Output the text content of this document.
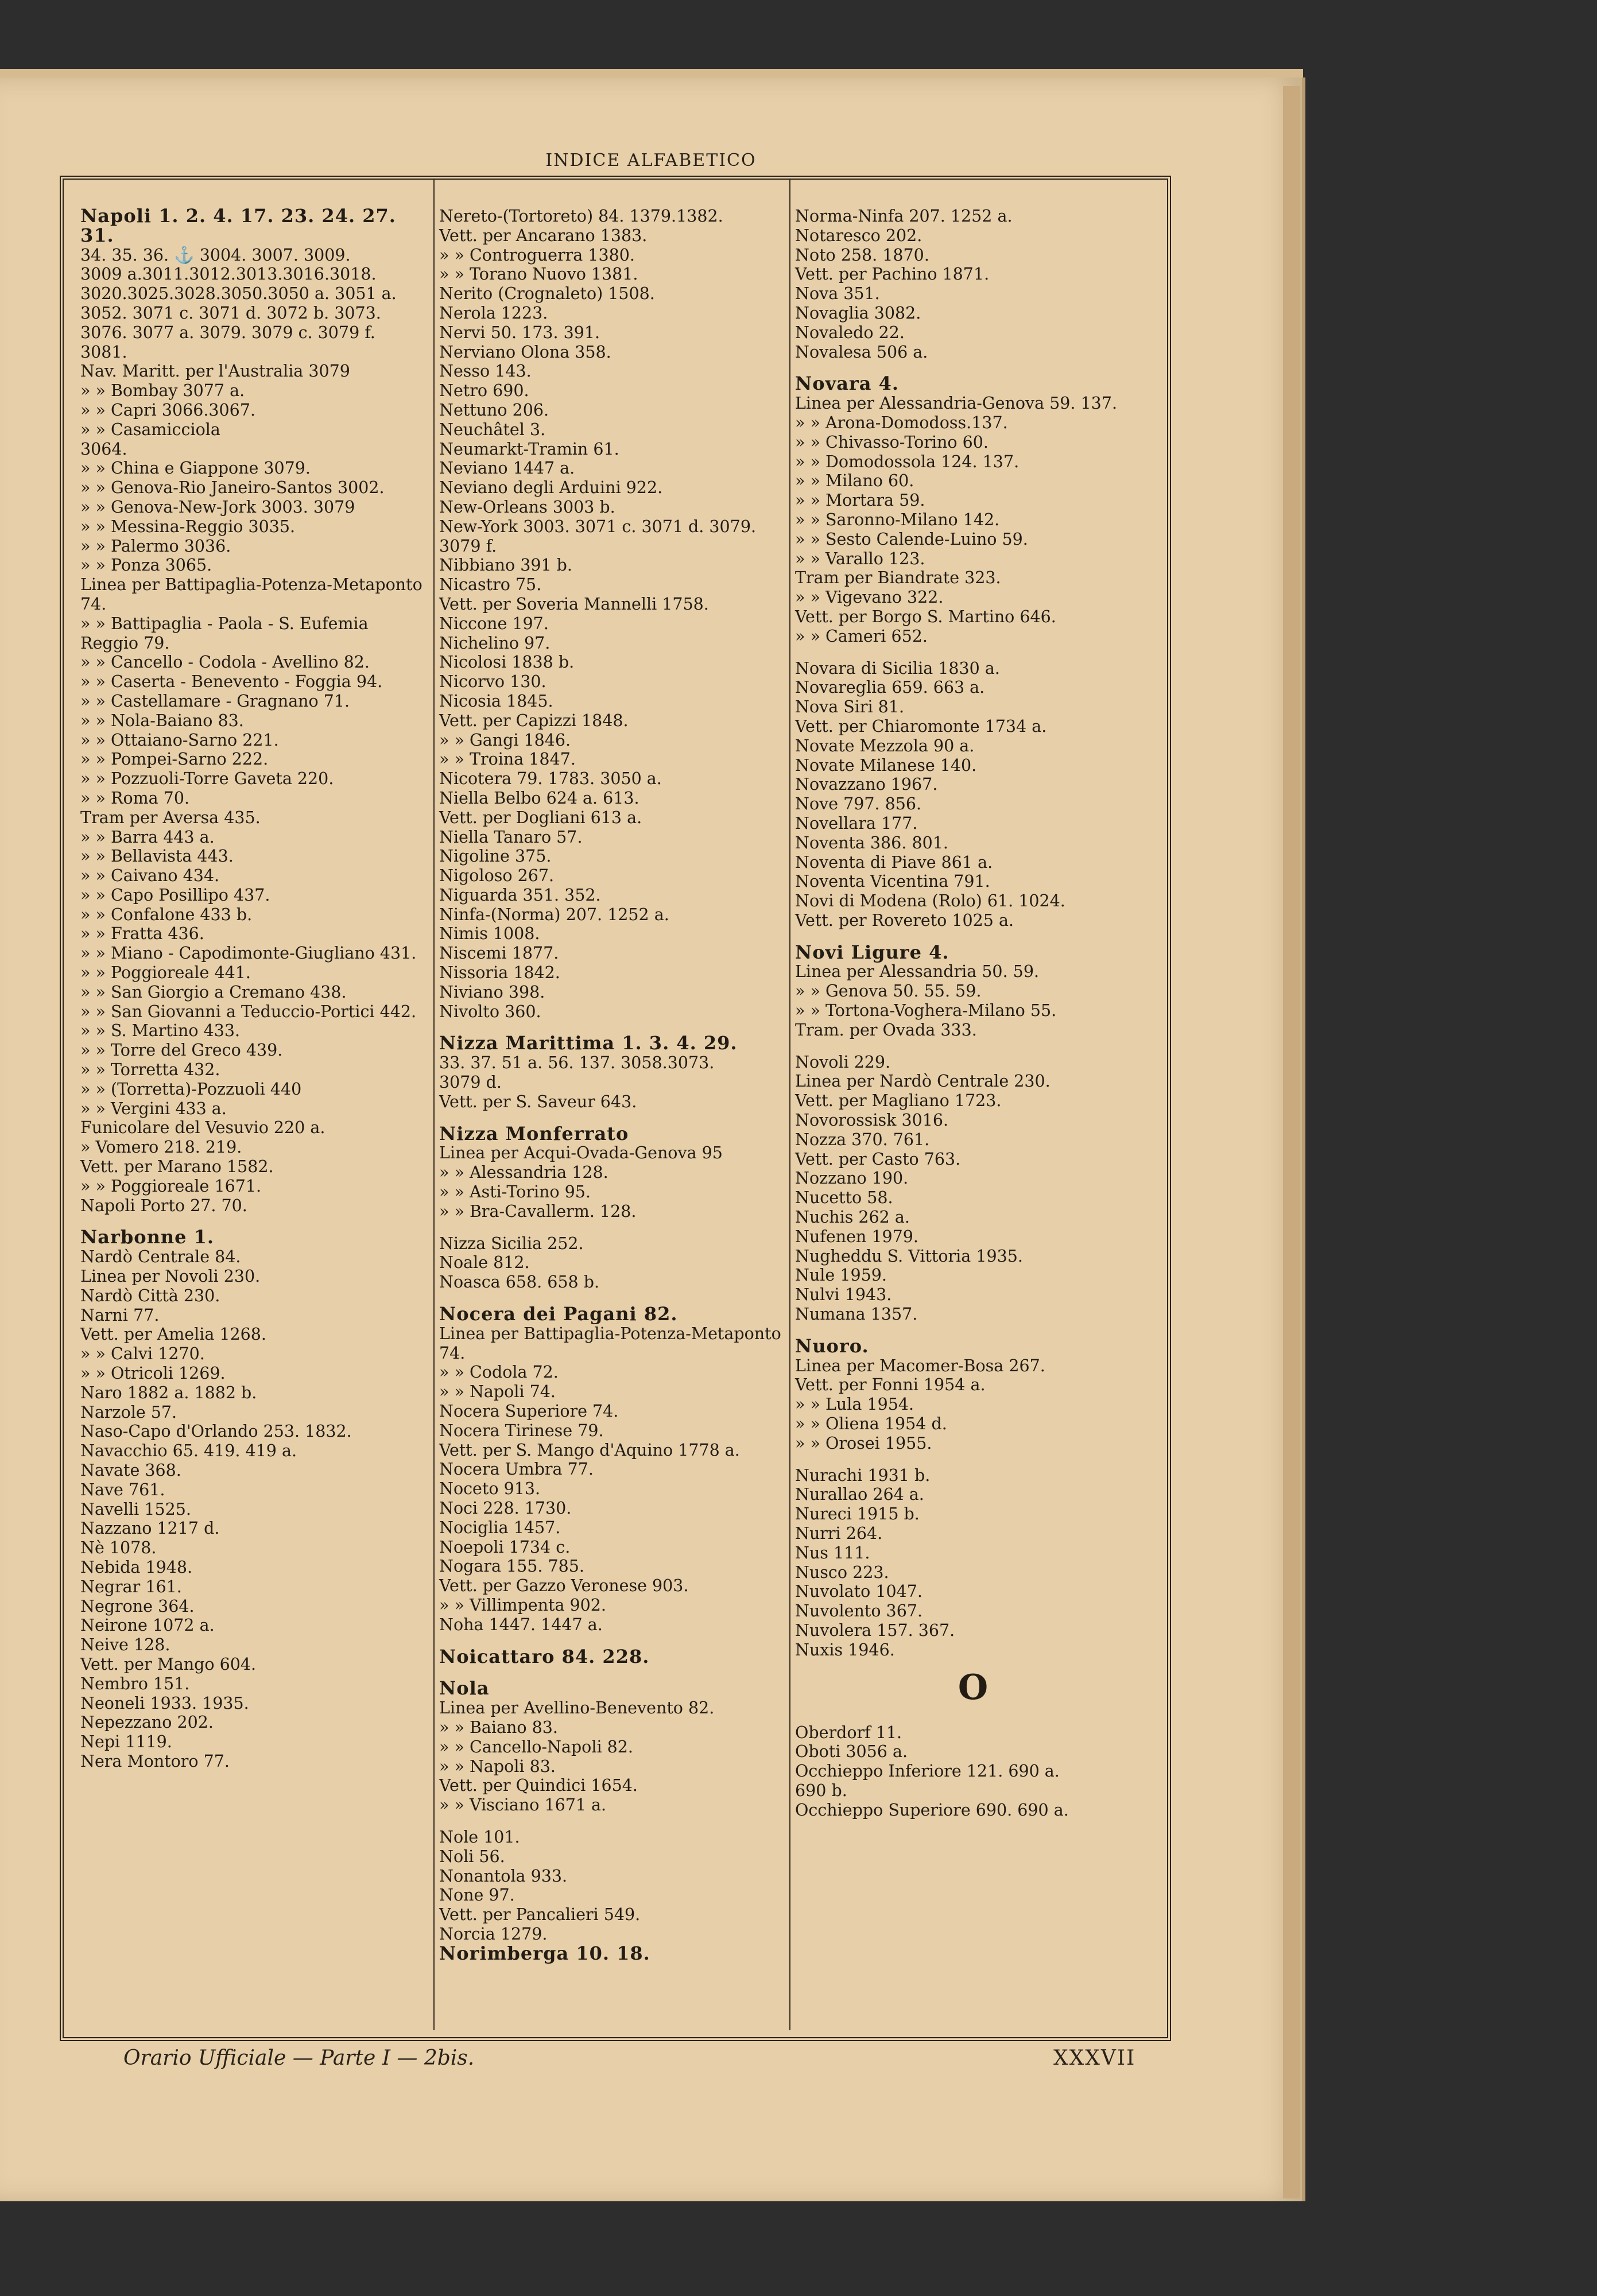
INDICE ALFABETICO
Napoli 1. 2. 4. 17. 23. 24. 27. 31.
34. 35. 36. ⚓ 3004. 3007. 3009.
3009 a.3011.3012.3013.3016.3018.
3020.3025.3028.3050.3050 a. 3051 a.
3052. 3071 c. 3071 d. 3072 b. 3073.
3076. 3077 a. 3079. 3079 c. 3079 f.
3081.
Nav. Maritt. per l'Australia 3079
» » Bombay 3077 a.
» » Capri 3066.3067.
» » Casamicciola
3064.
» » China e Giappone 3079.
» » Genova-Rio Janeiro-Santos 3002.
» » Genova-New-Jork 3003. 3079
» » Messina-Reggio 3035.
» » Palermo 3036.
» » Ponza 3065.
Linea per Battipaglia-Potenza-Metaponto 74.
» » Battipaglia - Paola - S. Eufemia Reggio 79.
» » Cancello - Codola - Avellino 82.
» » Caserta - Benevento - Foggia 94.
» » Castellamare - Gragnano 71.
» » Nola-Baiano 83.
» » Ottaiano-Sarno 221.
» » Pompei-Sarno 222.
» » Pozzuoli-Torre Gaveta 220.
» » Roma 70.
Tram per Aversa 435.
» » Barra 443 a.
» » Bellavista 443.
» » Caivano 434.
» » Capo Posillipo 437.
» » Confalone 433 b.
» » Fratta 436.
» » Miano - Capodimonte-Giugliano 431.
» » Poggioreale 441.
» » San Giorgio a Cremano 438.
» » San Giovanni a Teduccio-Portici 442.
» » S. Martino 433.
» » Torre del Greco 439.
» » Torretta 432.
» » (Torretta)-Pozzuoli 440
» » Vergini 433 a.
Funicolare del Vesuvio 220 a.
» Vomero 218. 219.
Vett. per Marano 1582.
» » Poggioreale 1671.
Napoli Porto 27. 70.
Narbonne 1.
Nardò Centrale 84.
Linea per Novoli 230.
Nardò Città 230.
Narni 77.
Vett. per Amelia 1268.
» » Calvi 1270.
» » Otricoli 1269.
Naro 1882 a. 1882 b.
Narzole 57.
Naso-Capo d'Orlando 253. 1832.
Navacchio 65. 419. 419 a.
Navate 368.
Nave 761.
Navelli 1525.
Nazzano 1217 d.
Nè 1078.
Nebida 1948.
Negrar 161.
Negrone 364.
Neirone 1072 a.
Neive 128.
Vett. per Mango 604.
Nembro 151.
Neoneli 1933. 1935.
Nepezzano 202.
Nepi 1119.
Nera Montoro 77.
Nereto-(Tortoreto) 84. 1379.1382.
Vett. per Ancarano 1383.
» » Controguerra 1380.
» » Torano Nuovo 1381.
Nerito (Crognaleto) 1508.
Nerola 1223.
Nervi 50. 173. 391.
Nerviano Olona 358.
Nesso 143.
Netro 690.
Nettuno 206.
Neuchâtel 3.
Neumarkt-Tramin 61.
Neviano 1447 a.
Neviano degli Arduini 922.
New-Orleans 3003 b.
New-York 3003. 3071 c. 3071 d. 3079. 3079 f.
Nibbiano 391 b.
Nicastro 75.
Vett. per Soveria Mannelli 1758.
Niccone 197.
Nichelino 97.
Nicolosi 1838 b.
Nicorvo 130.
Nicosia 1845.
Vett. per Capizzi 1848.
» » Gangi 1846.
» » Troina 1847.
Nicotera 79. 1783. 3050 a.
Niella Belbo 624 a. 613.
Vett. per Dogliani 613 a.
Niella Tanaro 57.
Nigoline 375.
Nigoloso 267.
Niguarda 351. 352.
Ninfa-(Norma) 207. 1252 a.
Nimis 1008.
Niscemi 1877.
Nissoria 1842.
Niviano 398.
Nivolto 360.
Nizza Marittima 1. 3. 4. 29.
33. 37. 51 a. 56. 137. 3058.3073.
3079 d.
Vett. per S. Saveur 643.
Nizza Monferrato
Linea per Acqui-Ovada-Genova 95
» » Alessandria 128.
» » Asti-Torino 95.
» » Bra-Cavallerm. 128.
Nizza Sicilia 252.
Noale 812.
Noasca 658. 658 b.
Nocera dei Pagani 82.
Linea per Battipaglia-Potenza-Metaponto 74.
» » Codola 72.
» » Napoli 74.
Nocera Superiore 74.
Nocera Tirinese 79.
Vett. per S. Mango d'Aquino 1778 a.
Nocera Umbra 77.
Noceto 913.
Noci 228. 1730.
Nociglia 1457.
Noepoli 1734 c.
Nogara 155. 785.
Vett. per Gazzo Veronese 903.
» » Villimpenta 902.
Noha 1447. 1447 a.
Noicattaro 84. 228.
Nola
Linea per Avellino-Benevento 82.
» » Baiano 83.
» » Cancello-Napoli 82.
» » Napoli 83.
Vett. per Quindici 1654.
» » Visciano 1671 a.
Nole 101.
Noli 56.
Nonantola 933.
None 97.
Vett. per Pancalieri 549.
Norcia 1279.
Norimberga 10. 18.
Norma-Ninfa 207. 1252 a.
Notaresco 202.
Noto 258. 1870.
Vett. per Pachino 1871.
Nova 351.
Novaglia 3082.
Novaledo 22.
Novalesa 506 a.
Novara 4.
Linea per Alessandria-Genova 59. 137.
» » Arona-Domodoss.137.
» » Chivasso-Torino 60.
» » Domodossola 124. 137.
» » Milano 60.
» » Mortara 59.
» » Saronno-Milano 142.
» » Sesto Calende-Luino 59.
» » Varallo 123.
Tram per Biandrate 323.
» » Vigevano 322.
Vett. per Borgo S. Martino 646.
» » Cameri 652.
Novara di Sicilia 1830 a.
Novareglia 659. 663 a.
Nova Siri 81.
Vett. per Chiaromonte 1734 a.
Novate Mezzola 90 a.
Novate Milanese 140.
Novazzano 1967.
Nove 797. 856.
Novellara 177.
Noventa 386. 801.
Noventa di Piave 861 a.
Noventa Vicentina 791.
Novi di Modena (Rolo) 61. 1024.
Vett. per Rovereto 1025 a.
Novi Ligure 4.
Linea per Alessandria 50. 59.
» » Genova 50. 55. 59.
» » Tortona-Voghera-Milano 55.
Tram. per Ovada 333.
Novoli 229.
Linea per Nardò Centrale 230.
Vett. per Magliano 1723.
Novorossisk 3016.
Nozza 370. 761.
Vett. per Casto 763.
Nozzano 190.
Nucetto 58.
Nuchis 262 a.
Nufenen 1979.
Nugheddu S. Vittoria 1935.
Nule 1959.
Nulvi 1943.
Numana 1357.
Nuoro.
Linea per Macomer-Bosa 267.
Vett. per Fonni 1954 a.
» » Lula 1954.
» » Oliena 1954 d.
» » Orosei 1955.
Nurachi 1931 b.
Nurallao 264 a.
Nureci 1915 b.
Nurri 264.
Nus 111.
Nusco 223.
Nuvolato 1047.
Nuvolento 367.
Nuvolera 157. 367.
Nuxis 1946.
O
Oberdorf 11.
Oboti 3056 a.
Occhieppo Inferiore 121. 690 a.
690 b.
Occhieppo Superiore 690. 690 a.
Orario Ufficiale — Parte I — 2bis.	XXXVII
